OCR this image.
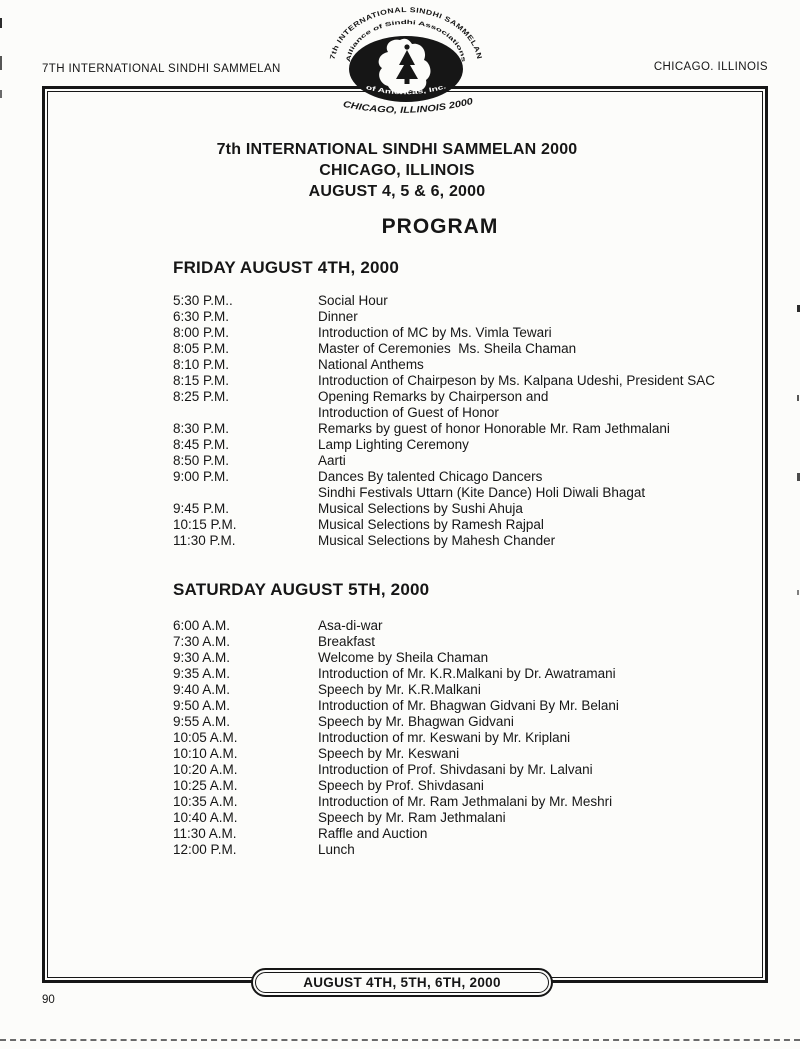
7TH INTERNATIONAL SINDHI SAMMELAN	CHICAGO. ILLINOIS
7th INTERNATIONAL SINDHI SAMMELAN
Alliance of Sindhi Associations
of Americas, Inc.
CHICAGO, ILLINOIS 2000
7th INTERNATIONAL SINDHI SAMMELAN 2000
CHICAGO, ILLINOIS
AUGUST 4, 5 & 6, 2000
PROGRAM
FRIDAY AUGUST 4TH, 2000
5:30 P.M..	Social Hour
6:30 P.M.	Dinner
8:00 P.M.	Introduction of MC by Ms. Vimla Tewari
8:05 P.M.	Master of Ceremonies  Ms. Sheila Chaman
8:10 P.M.	National Anthems
8:15 P.M.	Introduction of Chairpeson by Ms. Kalpana Udeshi, President SAC
8:25 P.M.	Opening Remarks by Chairperson and
Introduction of Guest of Honor
8:30 P.M.	Remarks by guest of honor Honorable Mr. Ram Jethmalani
8:45 P.M.	Lamp Lighting Ceremony
8:50 P.M.	Aarti
9:00 P.M.	Dances By talented Chicago Dancers
Sindhi Festivals Uttarn (Kite Dance) Holi Diwali Bhagat
9:45 P.M.	Musical Selections by Sushi Ahuja
10:15 P.M.	Musical Selections by Ramesh Rajpal
11:30 P.M.	Musical Selections by Mahesh Chander
SATURDAY AUGUST 5TH, 2000
6:00 A.M.	Asa-di-war
7:30 A.M.	Breakfast
9:30 A.M.	Welcome by Sheila Chaman
9:35 A.M.	Introduction of Mr. K.R.Malkani by Dr. Awatramani
9:40 A.M.	Speech by Mr. K.R.Malkani
9:50 A.M.	Introduction of Mr. Bhagwan Gidvani By Mr. Belani
9:55 A.M.	Speech by Mr. Bhagwan Gidvani
10:05 A.M.	Introduction of mr. Keswani by Mr. Kriplani
10:10 A.M.	Speech by Mr. Keswani
10:20 A.M.	Introduction of Prof. Shivdasani by Mr. Lalvani
10:25 A.M.	Speech by Prof. Shivdasani
10:35 A.M.	Introduction of Mr. Ram Jethmalani by Mr. Meshri
10:40 A.M.	Speech by Mr. Ram Jethmalani
11:30 A.M.	Raffle and Auction
12:00 P.M.	Lunch
AUGUST 4TH, 5TH, 6TH, 2000
90
